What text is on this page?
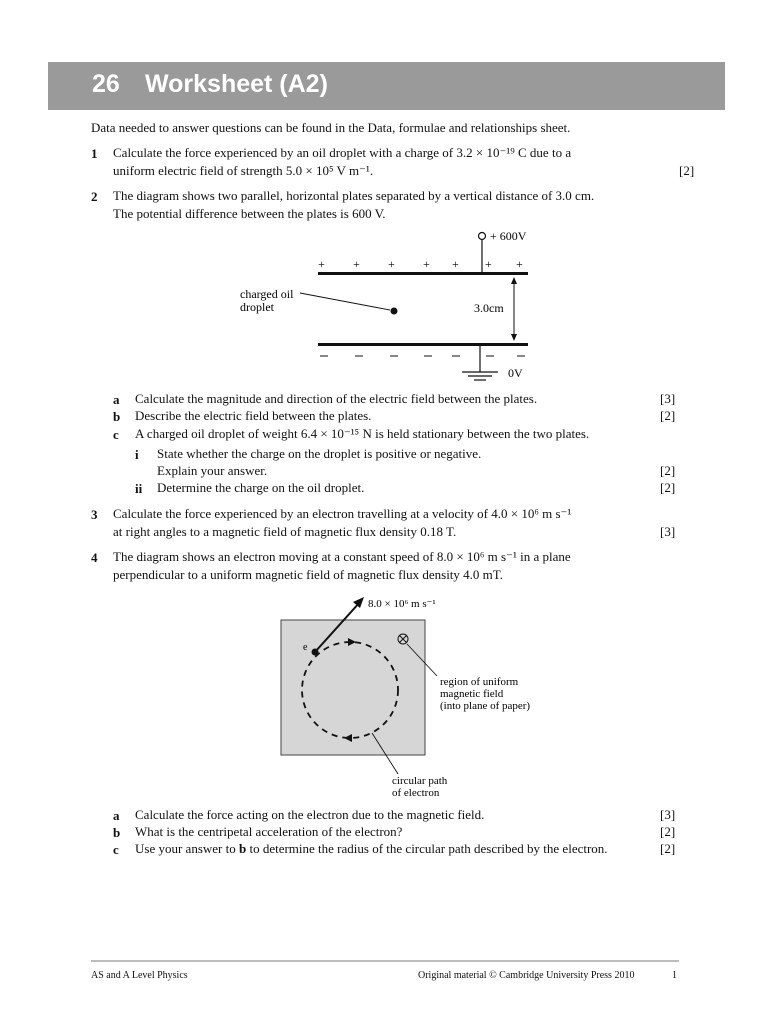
26 Worksheet (A2)
Data needed to answer questions can be found in the Data, formulae and relationships sheet.
1 Calculate the force experienced by an oil droplet with a charge of 3.2 × 10⁻¹⁹ C due to a
uniform electric field of strength 5.0 × 10⁵ V m⁻¹.	[2]
2 The diagram shows two parallel, horizontal plates separated by a vertical distance of 3.0 cm.
The potential difference between the plates is 600 V.
+ 600V
+ + + + + + +
3.0cm
charged oil
droplet
0V
a Calculate the magnitude and direction of the electric field between the plates.	[3]
b Describe the electric field between the plates.	[2]
c A charged oil droplet of weight 6.4 × 10⁻¹⁵ N is held stationary between the two plates.
i State whether the charge on the droplet is positive or negative.
Explain your answer.	[2]
ii Determine the charge on the oil droplet.	[2]
3 Calculate the force experienced by an electron travelling at a velocity of 4.0 × 10⁶ m s⁻¹
at right angles to a magnetic field of magnetic flux density 0.18 T.	[3]
4 The diagram shows an electron moving at a constant speed of 8.0 × 10⁶ m s⁻¹ in a plane
perpendicular to a uniform magnetic field of magnetic flux density 4.0 mT.
e
8.0 × 10⁶ m s⁻¹
region of uniform
magnetic field
(into plane of paper)
circular path
of electron
a Calculate the force acting on the electron due to the magnetic field.	[3]
b What is the centripetal acceleration of the electron?	[2]
c Use your answer to b to determine the radius of the circular path described by the electron.	[2]
AS and A Level Physics	Original material © Cambridge University Press 2010	1
